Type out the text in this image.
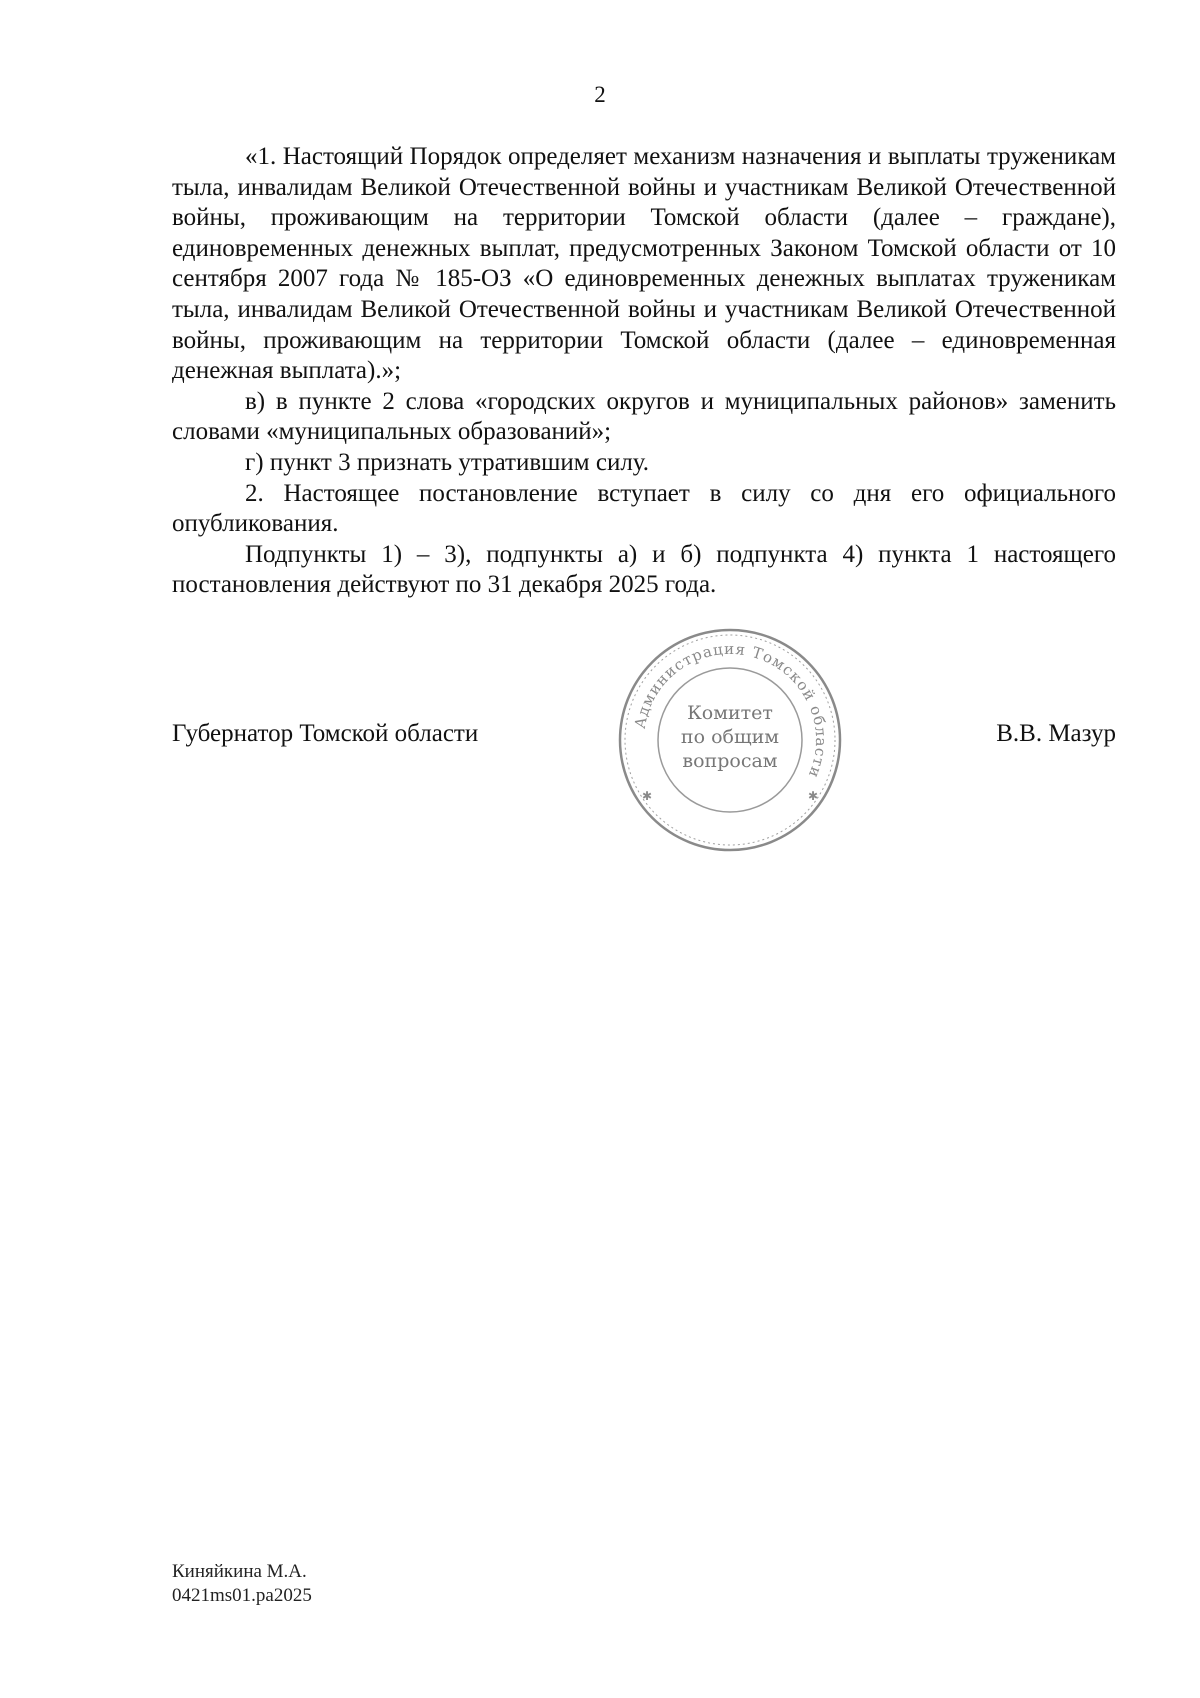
2

«1. Настоящий Порядок определяет механизм назначения и выплаты труженикам тыла, инвалидам Великой Отечественной войны и участникам Великой Отечественной войны, проживающим на территории Томской области (далее – граждане), единовременных денежных выплат, предусмотренных Законом Томской области от 10 сентября 2007 года № 185-ОЗ «О единовременных денежных выплатах труженикам тыла, инвалидам Великой Отечественной войны и участникам Великой Отечественной войны, проживающим на территории Томской области (далее – единовременная денежная выплата).»;

в) в пункте 2 слова «городских округов и муниципальных районов» заменить словами «муниципальных образований»;

г) пункт 3 признать утратившим силу.

2. Настоящее постановление вступает в силу со дня его официального опубликования.

Подпункты 1) – 3), подпункты а) и б) подпункта 4) пункта 1 настоящего постановления действуют по 31 декабря 2025 года.

Губернатор Томской области	В.В. Мазур
Администрация Томской области
✱	✱
Комитет
по общим
вопросам
Киняйкина М.А.
0421ms01.pa2025
